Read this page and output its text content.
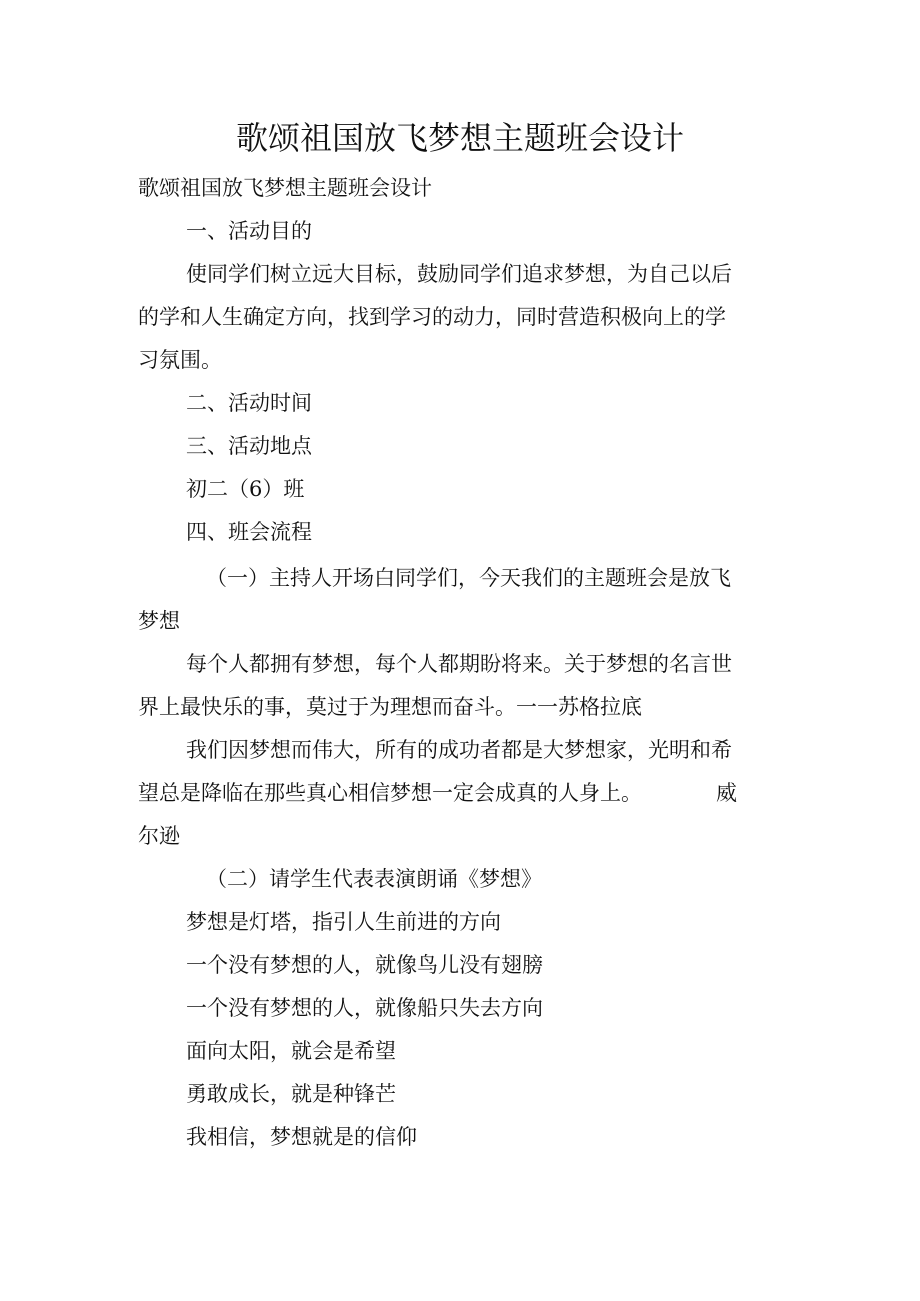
歌颂祖国放飞梦想主题班会设计
歌颂祖国放飞梦想主题班会设计
一、活动目的
使同学们树立远大目标，鼓励同学们追求梦想，为自己以后
的学和人生确定方向，找到学习的动力，同时营造积极向上的学
习氛围。
二、活动时间
三、活动地点
初二（6）班
四、班会流程
（一）主持人开场白同学们，今天我们的主题班会是放飞
梦想
每个人都拥有梦想，每个人都期盼将来。关于梦想的名言世
界上最快乐的事，莫过于为理想而奋斗。一一苏格拉底
我们因梦想而伟大，所有的成功者都是大梦想家，光明和希
望总是降临在那些真心相信梦想一定会成真的人身上。	威
尔逊
（二）请学生代表表演朗诵《梦想》
梦想是灯塔，指引人生前进的方向
一个没有梦想的人，就像鸟儿没有翅膀
一个没有梦想的人，就像船只失去方向
面向太阳，就会是希望
勇敢成长，就是种锋芒
我相信，梦想就是的信仰
